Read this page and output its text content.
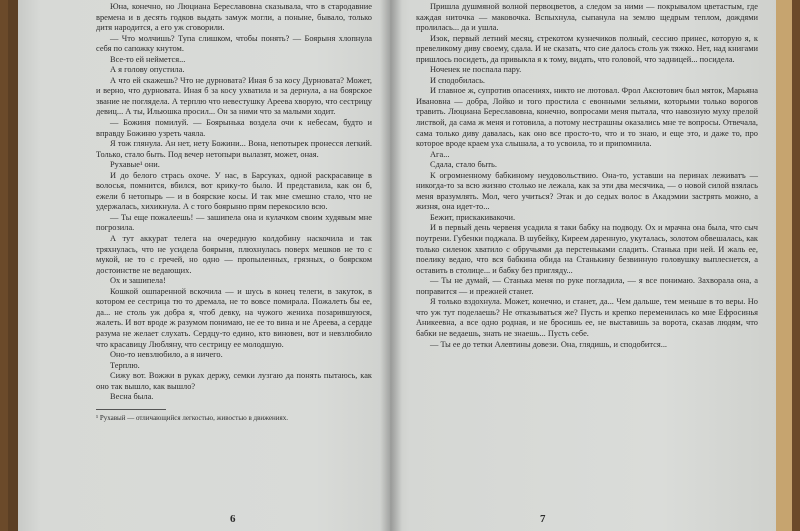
Юна, конечно, но Люциана Береславовна сказывала, что в стародавние времена и в десять годков выдать замуж могли, а поныне, бывало, только дитя народится, а его уж сговорили.

— Что молчишь? Тупа слишком, чтобы понять? — Боярыня хлопнула себя по сапожку кнутом.

Все-то ей неймется...

А я голову опустила.

А что ей скажешь? Что не дурновата? Иная б за косу Дурновата? Может, и верно, что дурновата. Иная б за косу ухватила и за дернула, а на боярское звание не поглядела. А терплю что невестушку Ареева хворую, что сестрицу девиц... А ты, Ильюшка просил... Он за ними что за малыми ходит.

— Божиня помилуй. — Боярынька воздела очи к небесам, будто и вправду Божиню узреть чаяла.

Я тож глянула. Ан нет, нету Божини... Вона, непотырек пронесся легкий. Только, стало быть. Под вечер нетопыри вылазят, может, оная.

Рухавые¹ они.

И до белого стрась охоче. У нас, в Барсуках, одной раскрасавице в волосья, помнится, вбился, вот крику-то было. И представила, как он б, ежели б нетопырь — и в боярские косы. И так мне смешно стало, что не удержалась, хихикнула. А с того боярыню прям перекосило всю.

— Ты еще пожалеешь! — зашипела она и кулачком своим худявым мне погрозила.

А тут аккурат телега на очередную колдобину наскочила и так тряхнулась, что не усидела боярыня, плюхнулась поверх мешков не то с мукой, не то с гречей, но одно — пропыленных, грязных, о боярском достоинстве не ведающих.

Ох и зашипела!

Кошкой ошпаренной вскочила — и шусь в конец телеги, в закуток, в котором ее сестрица тю то дремала, не то вовсе помирала. Пожалеть бы ее, да... не столь уж добра я, чтоб девку, на чужого жениха позарившуюся, жалеть. И вот вроде ж разумом понимаю, не ее то вина и не Ареева, а сердце разума не желает слухать. Сердцу-то едино, кто виновен, вот и невзлюбило что красавицу Любляну, что сестрицу ее молодшую.

Оно-то невзлюбило, а я ничего.

Терплю.

Сижу вот. Вожжи в руках держу, семки лузгаю да понять пытаюсь, как оно так вышло, как вышло?

Весна была.

¹ Рухавый — отличающийся легкостью, живостью в движениях.
6

Пришла душмяной волной первоцветов, а следом за ними — покрывалом цветастым, где каждая ниточка — маковочка. Вспыхнула, сыпанула на землю щедрым теплом, дождями пролилась... да и ушла.

Изок, первый летний месяц, стрекотом кузнечиков полный, сессию принес, которую я, к превеликому диву своему, сдала. И не сказать, что сие далось столь уж тяжко. Нет, над книгами пришлось посидеть, да привыкла я к тому, видать, что головой, что задницей... посидела.

Ноченек не поспала пару.

И сподобилась.

И главное ж, супротив опасениях, никто не лютовал. Фрол Аксютович был мяток, Марьяна Ивановна — добра, Лойко и того простила с евонными зельями, которыми только ворогов травить. Люциана Береславовна, конечно, вопросами меня пытала, что навозную муху прелой листвой, да сама ж меня и готовила, а потому нестрашны оказались мне те вопросы. Отвечала, сама только диву давалась, как оно все просто-то, что и то знаю, и еще это, и даже то, про которое вроде краем уха слышала, а то усвоила, то и припомнила.

Ага...

Сдала, стало быть.

К огромненному бабкиному неудовольствию. Она-то, уставши на перинах леживатъ — никогда-то за всю жизню столько не лежала, как за эти два месячика, — о новой силой взялась меня вразумлять. Мол, чего учиться? Этак и до седых волос в Акадэмии застрять можно, а жизня, она идет-то...

Бежит, приcкакивакочи.

И в первый день червеня усадила я таки бабку на подводу. Ох и мрачна она была, что сыч поутрени. Губенки поджала. В шубейку, Киреем даренную, укуталась, золотом обвешалась, как только силенок хватило с обручьями да перстеньками сладить. Станька при ней. И жаль ее, поелику ведаю, что вся бабкина обида на Станькину безвинную головушку выплеснется, а оставить в столице... и бабку без пригляду...

— Ты не думай, — Станька меня по руке погладила, — я все понимаю. Захворала она, а поправится — и прежней станет.

Я только вздохнула. Может, конечно, и станет, да... Чем дальше, тем меньше в то веры. Но что уж тут поделаешь? Не отказываться же? Пусть и крепко переменилась ко мне Ефросинья Аникеевна, а все одно родная, и не бросишь ее, не выставишь за ворота, сказав людям, что бабки не ведаешь, знать не знаешь... Пусть себе.

— Ты ее до тетки Алевтины довези. Она, глядишь, и сподобится...

7
